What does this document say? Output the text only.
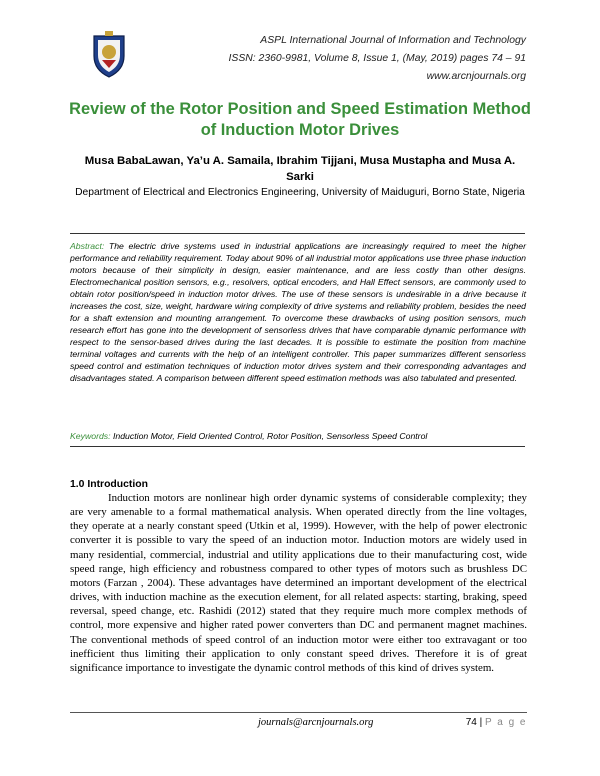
ASPL International Journal of Information and Technology
ISSN: 2360-9981, Volume 8, Issue 1, (May, 2019) pages 74 – 91
www.arcnjournals.org
Review of the Rotor Position and Speed Estimation Method of Induction Motor Drives
Musa BabaLawan, Ya’u A. Samaila, Ibrahim Tijjani, Musa Mustapha and Musa A. Sarki
Department of Electrical and Electronics Engineering, University of Maiduguri, Borno State, Nigeria
Abstract: The electric drive systems used in industrial applications are increasingly required to meet the higher performance and reliability requirement. Today about 90% of all industrial motor applications use three phase induction motors because of their simplicity in design, easier maintenance, and are less costly than other designs. Electromechanical position sensors, e.g., resolvers, optical encoders, and Hall Effect sensors, are commonly used to obtain rotor position/speed in induction motor drives. The use of these sensors is undesirable in a drive because it increases the cost, size, weight, hardware wiring complexity of drive systems and reliability problem, besides the need for a shaft extension and mounting arrangement. To overcome these drawbacks of using position sensors, much research effort has gone into the development of sensorless drives that have comparable dynamic performance with respect to the sensor-based drives during the last decades. It is possible to estimate the position from machine terminal voltages and currents with the help of an intelligent controller. This paper summarizes different sensorless speed control and estimation techniques of induction motor drives system and their corresponding advantages and disadvantages stated. A comparison between different speed estimation methods was also tabulated and presented.
Keywords: Induction Motor, Field Oriented Control, Rotor Position, Sensorless Speed Control
1.0 Introduction
Induction motors are nonlinear high order dynamic systems of considerable complexity; they are very amenable to a formal mathematical analysis. When operated directly from the line voltages, they operate at a nearly constant speed (Utkin et al, 1999). However, with the help of power electronic converter it is possible to vary the speed of an induction motor. Induction motors are widely used in many residential, commercial, industrial and utility applications due to their manufacturing cost, wide speed range, high efficiency and robustness compared to other types of motors such as brushless DC motors (Farzan , 2004). These advantages have determined an important development of the electrical drives, with induction machine as the execution element, for all related aspects: starting, braking, speed reversal, speed change, etc. Rashidi (2012) stated that they require much more complex methods of control, more expensive and higher rated power converters than DC and permanent magnet machines. The conventional methods of speed control of an induction motor were either too extravagant or too inefficient thus limiting their application to only constant speed drives. Therefore it is of great significance importance to investigate the dynamic control methods of this kind of drives system.
journals@arcnjournals.org	74 | P a g e
